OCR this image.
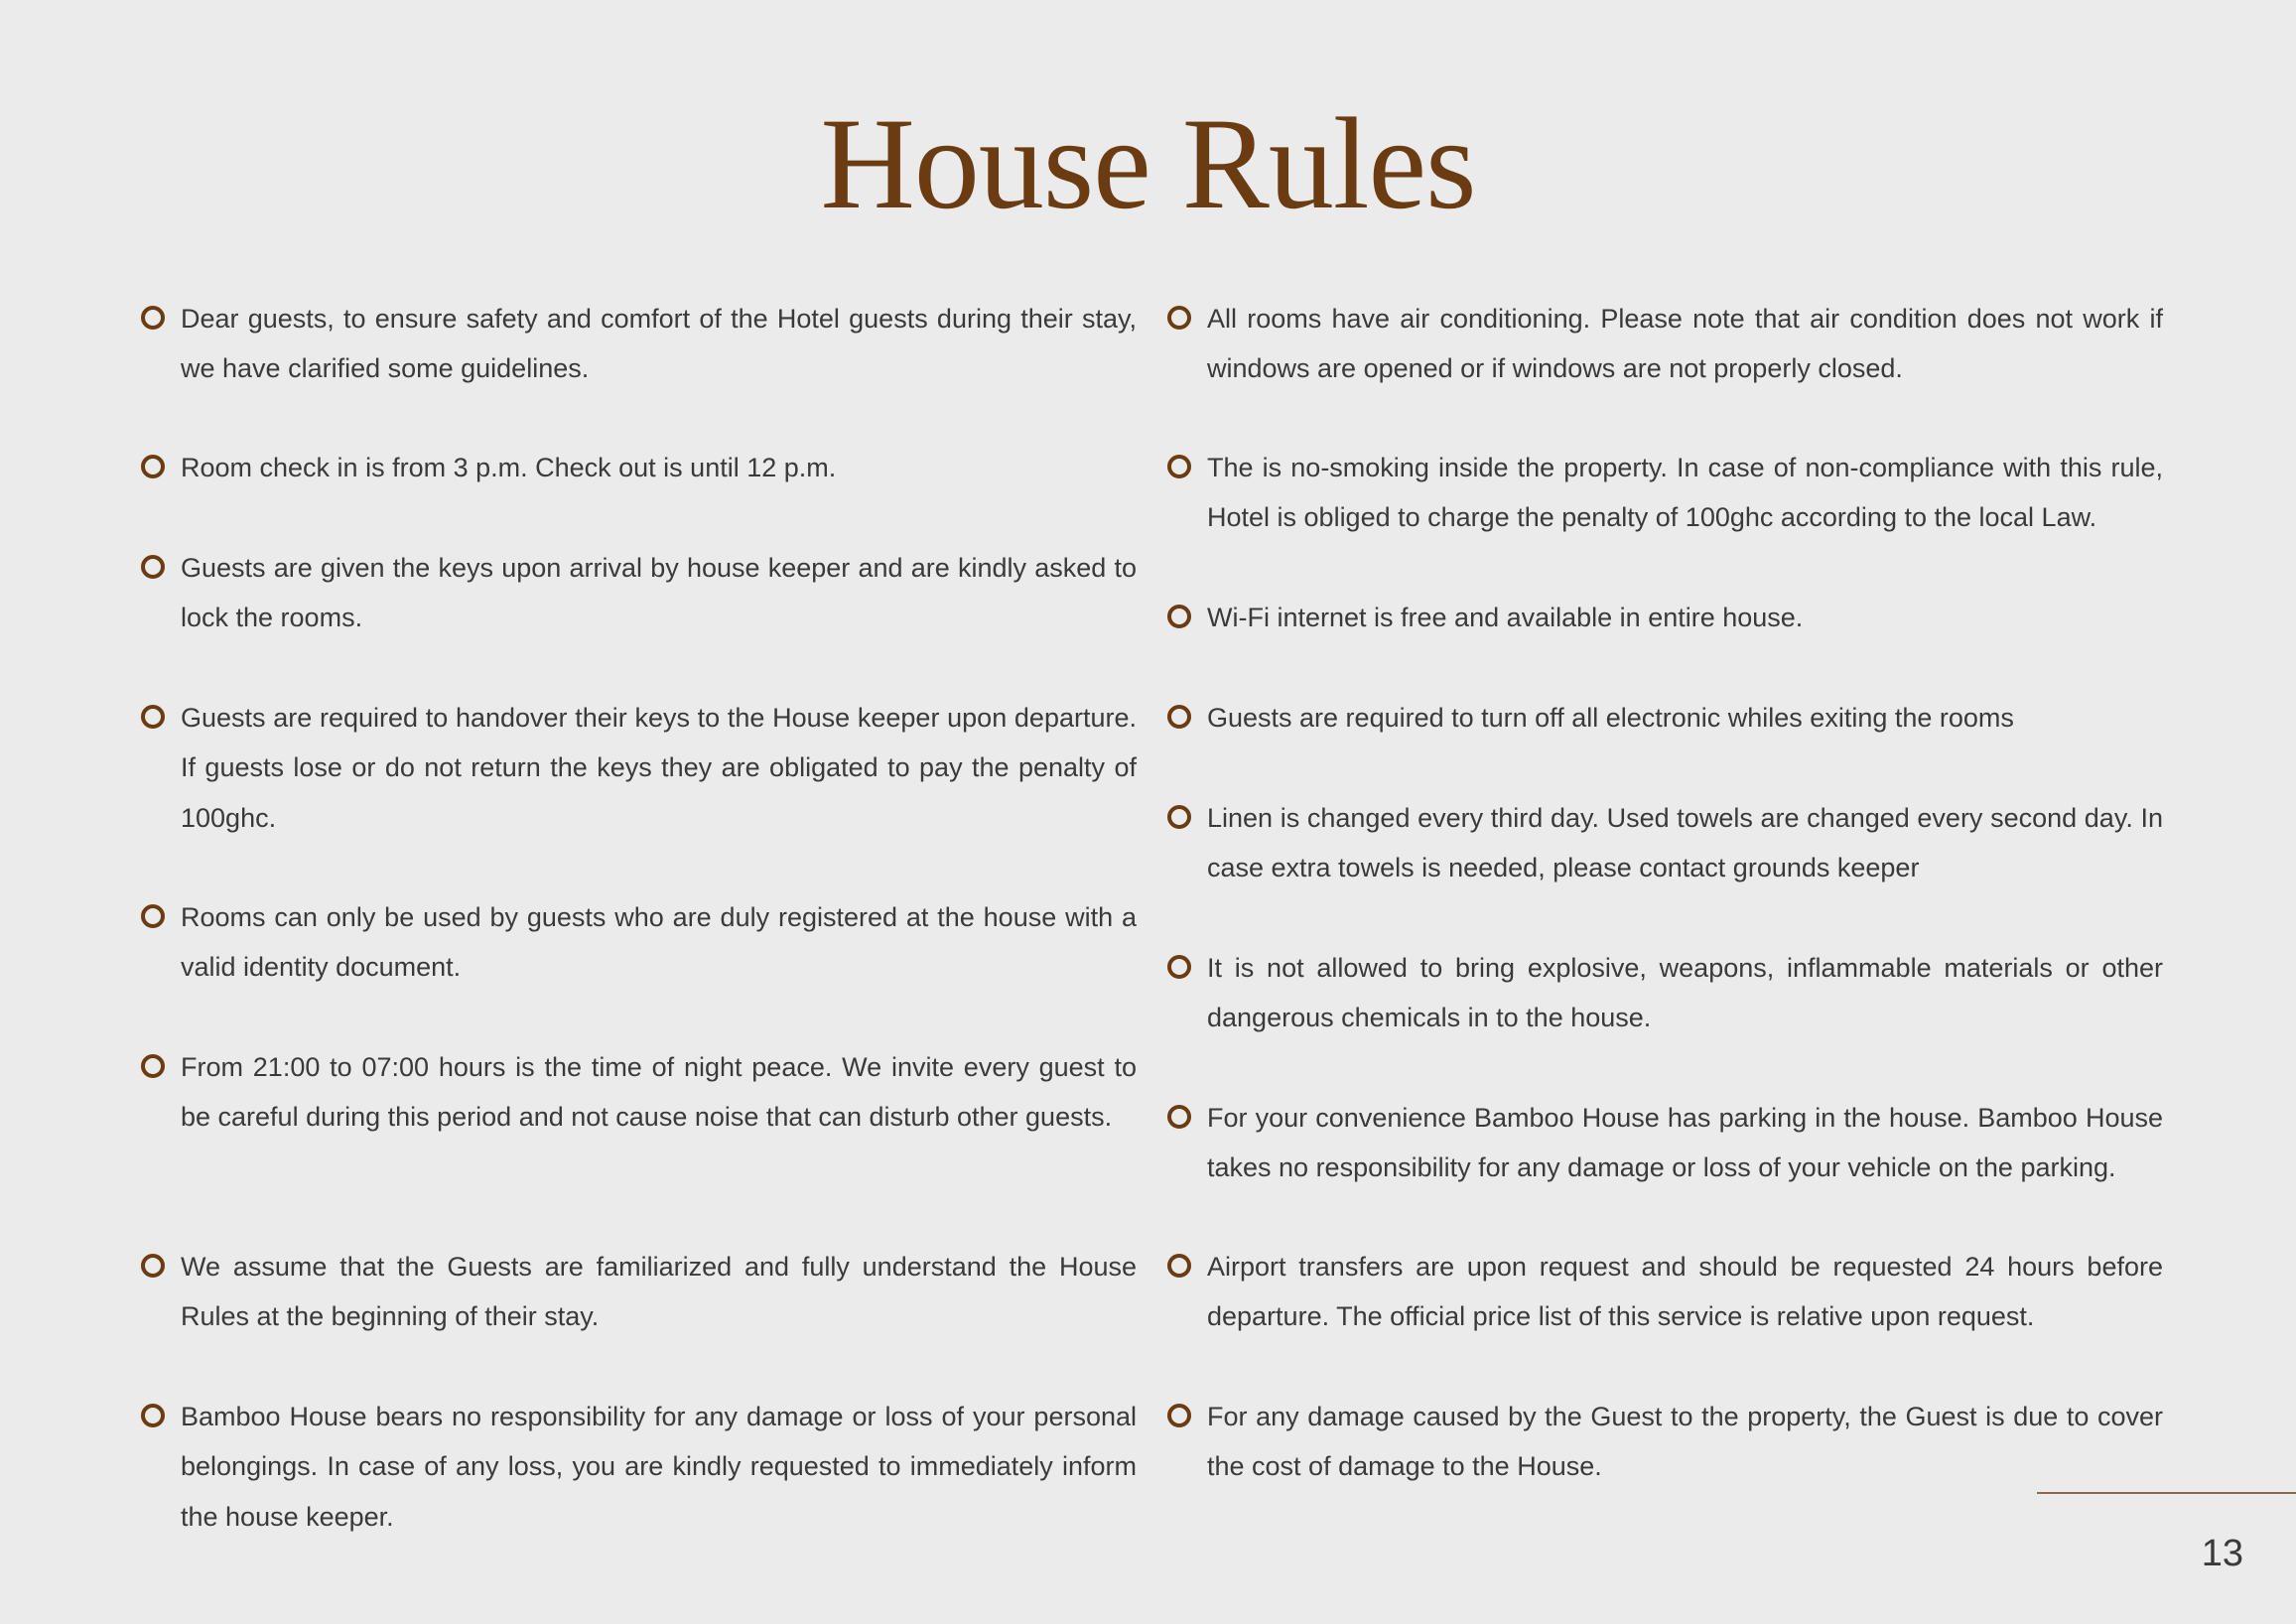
House Rules

Dear guests, to ensure safety and comfort of the Hotel guests during their stay, we have clarified some guidelines.

Room check in is from 3 p.m. Check out is until 12 p.m.

Guests are given the keys upon arrival by house keeper and are kindly asked to lock the rooms.

Guests are required to handover their keys to the House keeper upon departure. If guests lose or do not return the keys they are obligated to pay the penalty of 100ghc.

Rooms can only be used by guests who are duly registered at the house with a valid identity document.

From 21:00 to 07:00 hours is the time of night peace. We invite every guest to be careful during this period and not cause noise that can disturb other guests.

We assume that the Guests are familiarized and fully understand the House Rules at the beginning of their stay.

Bamboo House bears no responsibility for any damage or loss of your personal belongings. In case of any loss, you are kindly requested to immediately inform the house keeper.

All rooms have air conditioning. Please note that air condition does not work if windows are opened or if windows are not properly closed.

The is no-smoking inside the property. In case of non-compliance with this rule, Hotel is obliged to charge the penalty of 100ghc according to the local Law.

Wi-Fi internet is free and available in entire house.

Guests are required to turn off all electronic whiles exiting the rooms

Linen is changed every third day. Used towels are changed every second day. In case extra towels is needed, please contact grounds keeper

It is not allowed to bring explosive, weapons, inflammable materials or other dangerous chemicals in to the house.

For your convenience Bamboo House has parking in the house. Bamboo House takes no responsibility for any damage or loss of your vehicle on the parking.

Airport transfers are upon request and should be requested 24 hours before departure. The official price list of this service is relative upon request.

For any damage caused by the Guest to the property, the Guest is due to cover the cost of damage to the House.

13
